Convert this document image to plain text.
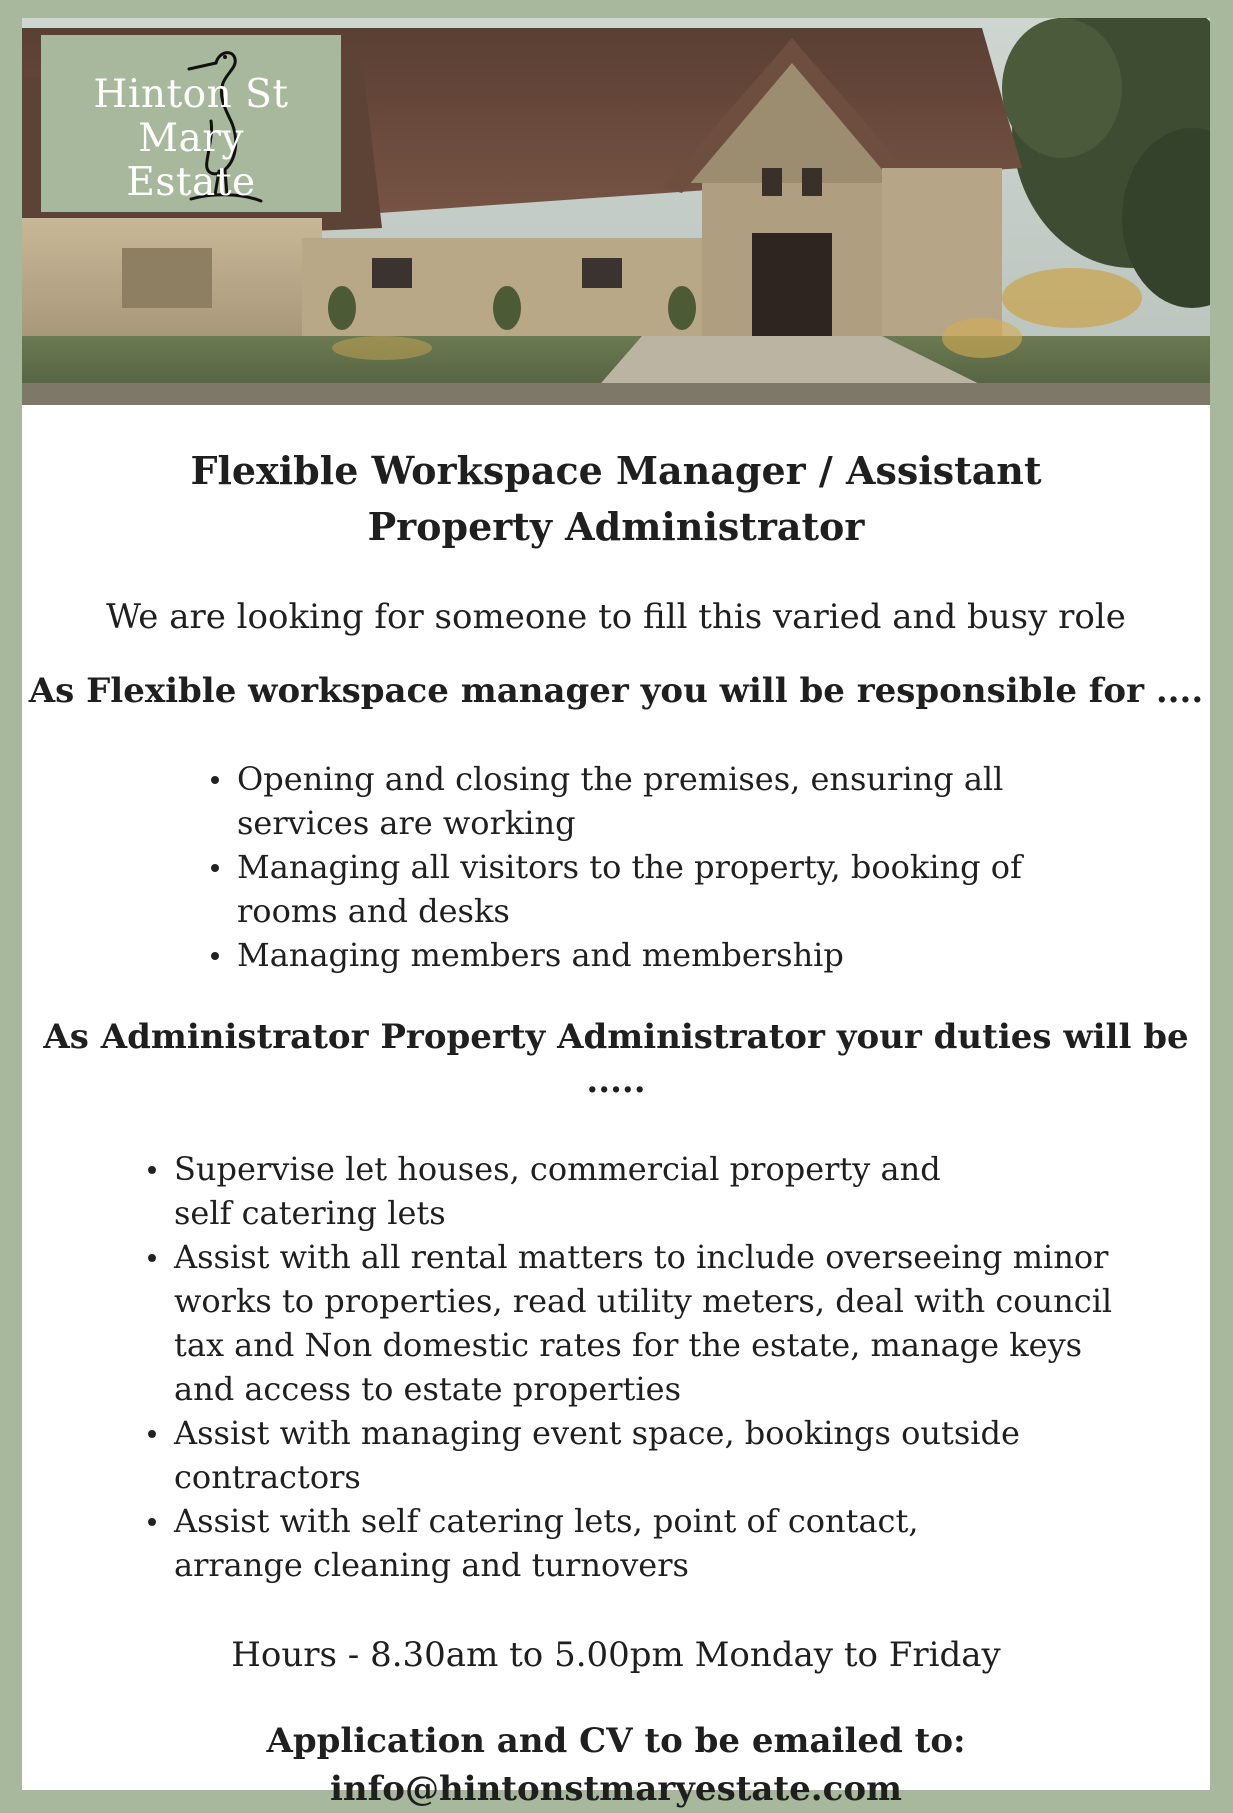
Hinton St Mary
Estate
Flexible Workspace Manager / Assistant
Property Administrator
We are looking for someone to fill this varied and busy role
As Flexible workspace manager you will be responsible for ....
Opening and closing the premises, ensuring all services are working
Managing all visitors to the property, booking of rooms and desks
Managing members and membership
As Administrator Property Administrator your duties will be .....
Supervise let houses, commercial property and self catering lets
Assist with all rental matters to include overseeing minor works to properties, read utility meters, deal with council tax and Non domestic rates for the estate, manage keys and access to estate properties
Assist with managing event space, bookings outside contractors
Assist with self catering lets, point of contact, arrange cleaning and turnovers
Hours - 8.30am to 5.00pm Monday to Friday
Application and CV to be emailed to:
info@hintonstmaryestate.com
